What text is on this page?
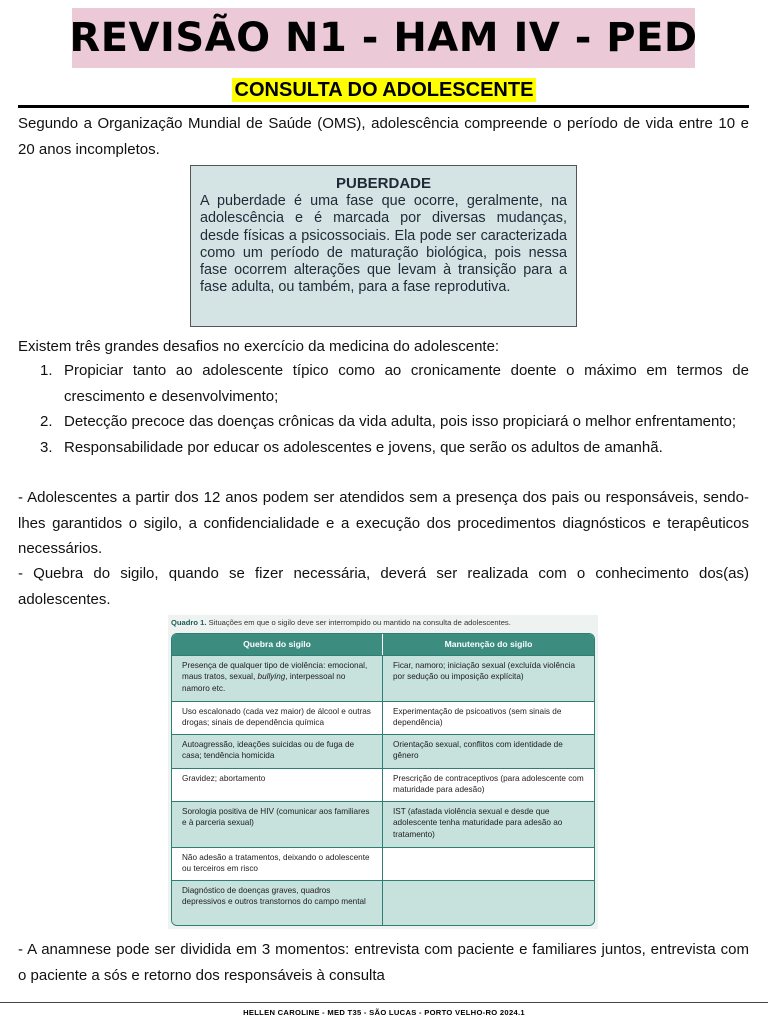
REVISÃO N1 - HAM IV - PED
CONSULTA DO ADOLESCENTE

Segundo a Organização Mundial de Saúde (OMS), adolescência compreende o período de vida entre 10 e 20 anos incompletos.

PUBERDADE
A puberdade é uma fase que ocorre, geralmente, na adolescência e é marcada por diversas mudanças, desde físicas a psicossociais. Ela pode ser caracterizada como um período de maturação biológica, pois nessa fase ocorrem alterações que levam à transição para a fase adulta, ou também, para a fase reprodutiva.

Existem três grandes desafios no exercício da medicina do adolescente:

1. Propiciar tanto ao adolescente típico como ao cronicamente doente o máximo em termos de crescimento e desenvolvimento;
2. Detecção precoce das doenças crônicas da vida adulta, pois isso propiciará o melhor enfrentamento;
3. Responsabilidade por educar os adolescentes e jovens, que serão os adultos de amanhã.

- Adolescentes a partir dos 12 anos podem ser atendidos sem a presença dos pais ou responsáveis, sendo-lhes garantidos o sigilo, a confidencialidade e a execução dos procedimentos diagnósticos e terapêuticos necessários.

- Quebra do sigilo, quando se fizer necessária, deverá ser realizada com o conhecimento dos(as) adolescentes.

Quadro 1. Situações em que o sigilo deve ser interrompido ou mantido na consulta de adolescentes.
Quebra do sigilo	Manutenção do sigilo
Presença de qualquer tipo de violência: emocional, maus tratos, sexual, bullying, interpessoal no namoro etc.	Ficar, namoro; iniciação sexual (excluída violência por sedução ou imposição explícita)
Uso escalonado (cada vez maior) de álcool e outras drogas; sinais de dependência química	Experimentação de psicoativos (sem sinais de dependência)
Autoagressão, ideações suicidas ou de fuga de casa; tendência homicida	Orientação sexual, conflitos com identidade de gênero
Gravidez; abortamento	Prescrição de contraceptivos (para adolescente com maturidade para adesão)
Sorologia positiva de HIV (comunicar aos familiares e à parceria sexual)	IST (afastada violência sexual e desde que adolescente tenha maturidade para adesão ao tratamento)
Não adesão a tratamentos, deixando o adolescente ou terceiros em risco	
Diagnóstico de doenças graves, quadros depressivos e outros transtornos do campo mental	

- A anamnese pode ser dividida em 3 momentos: entrevista com paciente e familiares juntos, entrevista com o paciente a sós e retorno dos responsáveis à consulta

HELLEN CAROLINE - MED T35 - SÃO LUCAS - PORTO VELHO-RO 2024.1
